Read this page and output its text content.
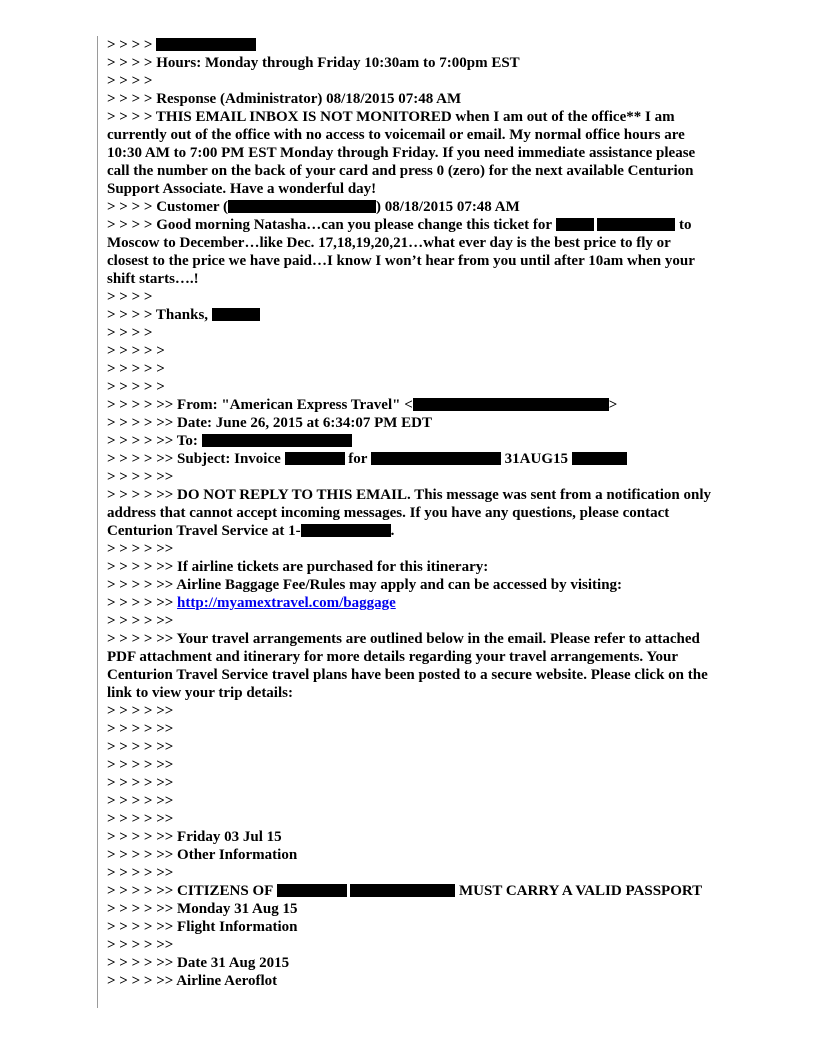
> > > >

> > > > Hours: Monday through Friday 10:30am to 7:00pm EST

> > > >

> > > > Response (Administrator) 08/18/2015 07:48 AM

> > > > THIS EMAIL INBOX IS NOT MONITORED when I am out of the office** I am currently out of the office with no access to voicemail or email. My normal office hours are 10:30 AM to 7:00 PM EST Monday through Friday. If you need immediate assistance please call the number on the back of your card and press 0 (zero) for the next available Centurion Support Associate. Have a wonderful day!

> > > > Customer (	) 08/18/2015 07:48 AM

> > > > Good morning Natasha…can you please change this ticket for	to Moscow to December…like Dec. 17,18,19,20,21…what ever day is the best price to fly or closest to the price we have paid…I know I won’t hear from you until after 10am when your shift starts….!

> > > >

> > > > Thanks,

> > > >

> > > > >

> > > > >

> > > > >

> > > > >> From: "American Express Travel" <	>

> > > > >> Date: June 26, 2015 at 6:34:07 PM EDT

> > > > >> To:

> > > > >> Subject: Invoice	for	31AUG15

> > > > >>

> > > > >> DO NOT REPLY TO THIS EMAIL. This message was sent from a notification only address that cannot accept incoming messages. If you have any questions, please contact Centurion Travel Service at 1-	.

> > > > >>

> > > > >> If airline tickets are purchased for this itinerary:

> > > > >> Airline Baggage Fee/Rules may apply and can be accessed by visiting:

> > > > >> http://myamextravel.com/baggage

> > > > >>

> > > > >> Your travel arrangements are outlined below in the email. Please refer to attached PDF attachment and itinerary for more details regarding your travel arrangements. Your Centurion Travel Service travel plans have been posted to a secure website. Please click on the link to view your trip details:

> > > > >>

> > > > >>

> > > > >>

> > > > >>

> > > > >>

> > > > >>

> > > > >>

> > > > >> Friday 03 Jul 15

> > > > >> Other Information

> > > > >>

> > > > >> CITIZENS OF	MUST CARRY A VALID PASSPORT

> > > > >> Monday 31 Aug 15

> > > > >> Flight Information

> > > > >>

> > > > >> Date 31 Aug 2015

> > > > >> Airline Aeroflot
